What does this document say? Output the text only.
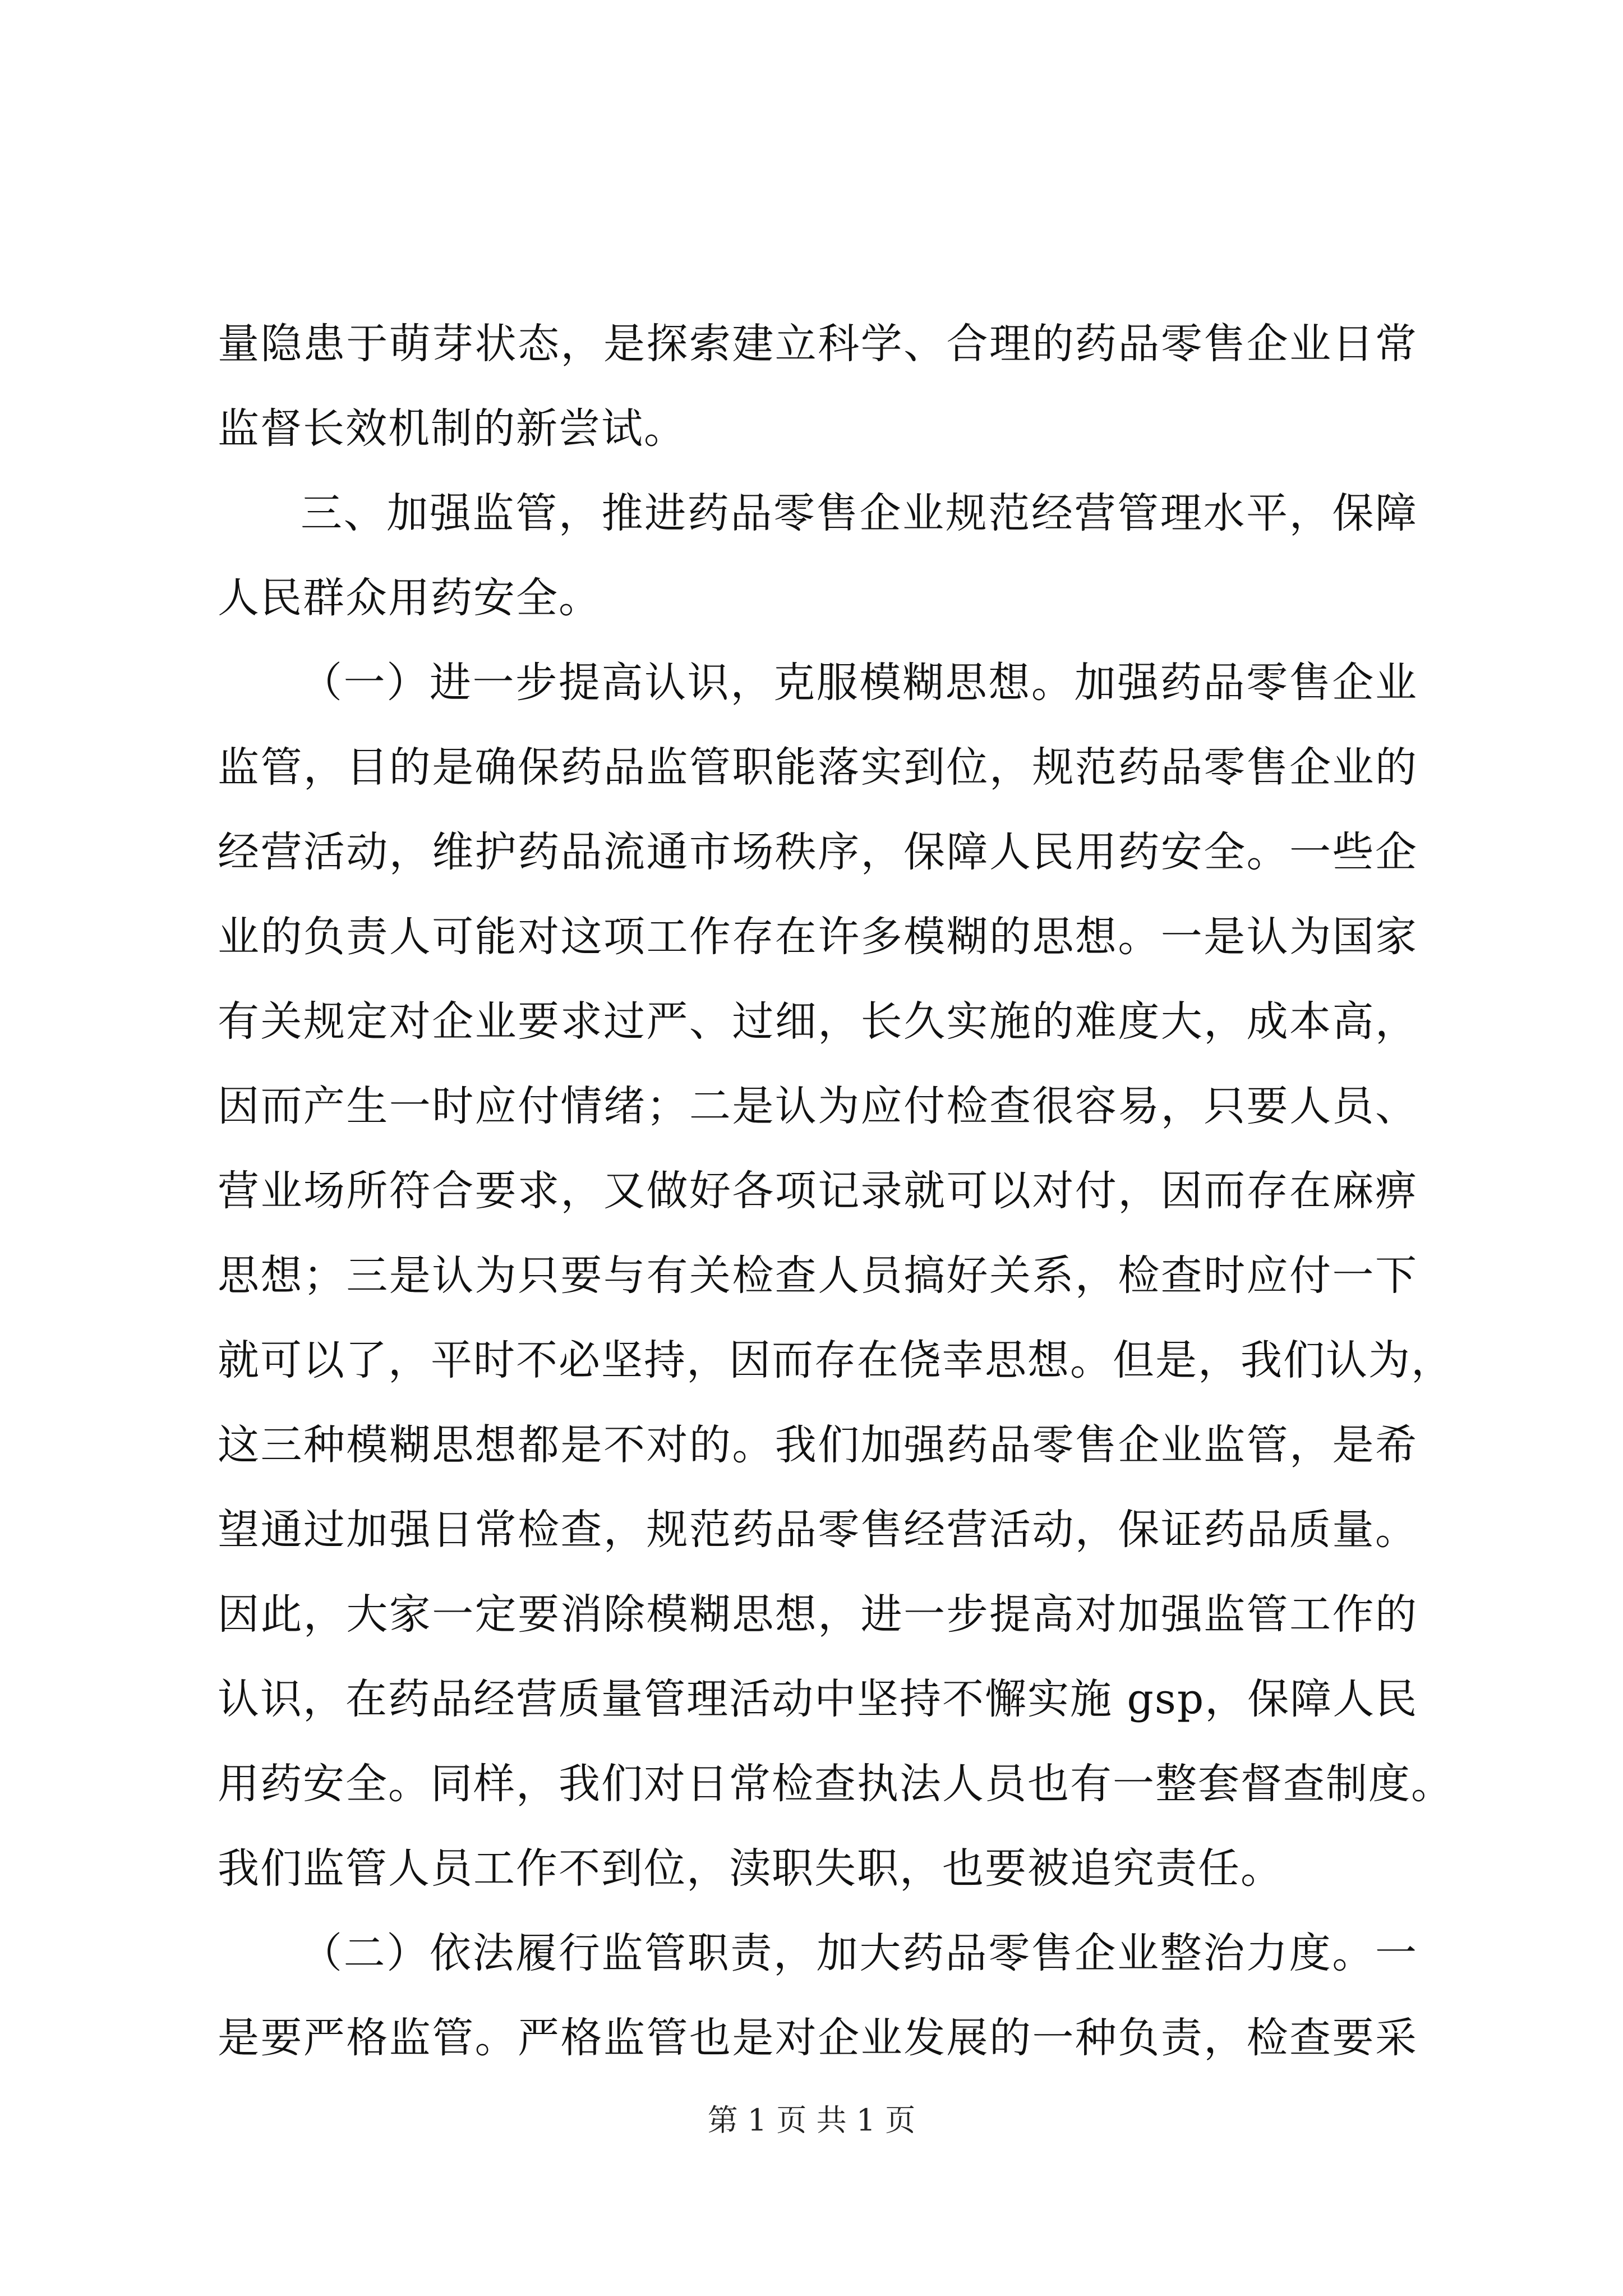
量隐患于萌芽状态，是探索建立科学、合理的药品零售企业日常
监督长效机制的新尝试。
三、加强监管，推进药品零售企业规范经营管理水平，保障
人民群众用药安全。
（一）进一步提高认识，克服模糊思想。加强药品零售企业
监管，目的是确保药品监管职能落实到位，规范药品零售企业的
经营活动，维护药品流通市场秩序，保障人民用药安全。一些企
业的负责人可能对这项工作存在许多模糊的思想。一是认为国家
有关规定对企业要求过严、过细，长久实施的难度大，成本高，
因而产生一时应付情绪；二是认为应付检查很容易，只要人员、
营业场所符合要求，又做好各项记录就可以对付，因而存在麻痹
思想；三是认为只要与有关检查人员搞好关系，检查时应付一下
就可以了，平时不必坚持，因而存在侥幸思想。但是，我们认为，
这三种模糊思想都是不对的。我们加强药品零售企业监管，是希
望通过加强日常检查，规范药品零售经营活动，保证药品质量。
因此，大家一定要消除模糊思想，进一步提高对加强监管工作的
认识，在药品经营质量管理活动中坚持不懈实施 gsp，保障人民
用药安全。同样，我们对日常检查执法人员也有一整套督查制度。
我们监管人员工作不到位，渎职失职，也要被追究责任。
（二）依法履行监管职责，加大药品零售企业整治力度。一
是要严格监管。严格监管也是对企业发展的一种负责，检查要采
第 1 页 共 1 页
